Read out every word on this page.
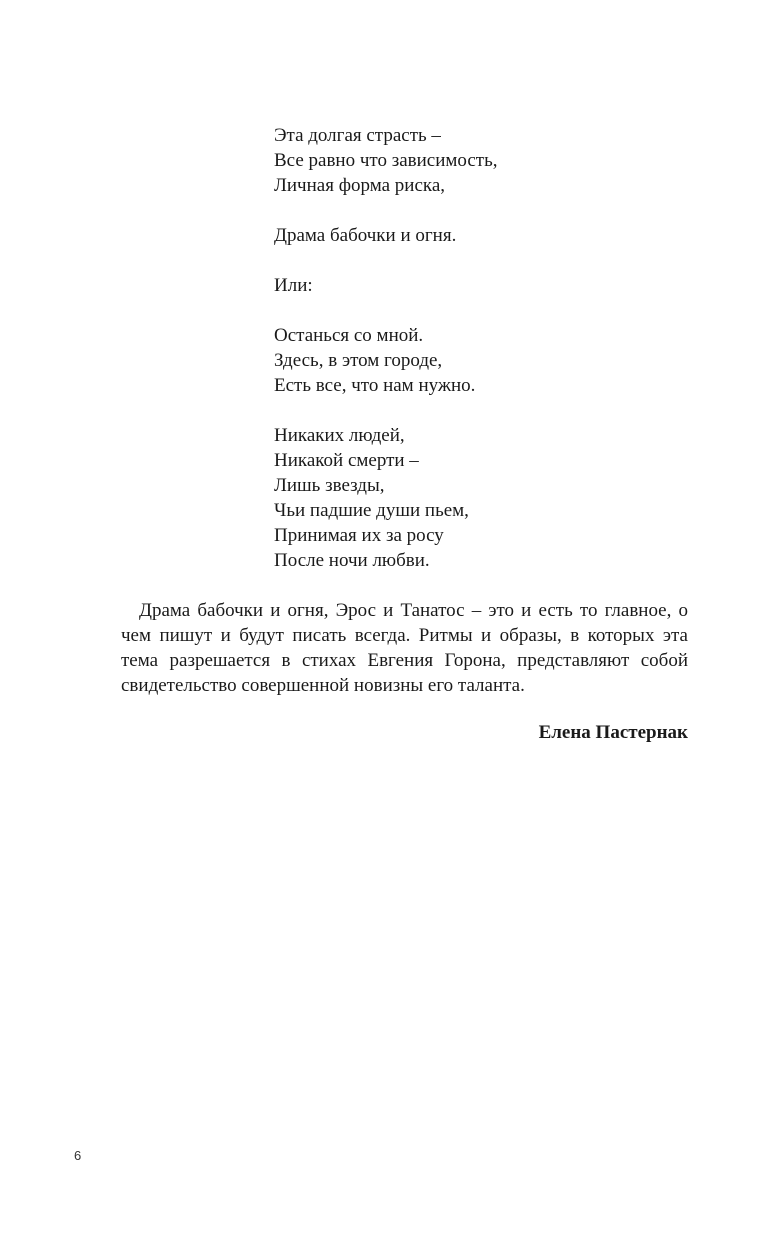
Эта долгая страсть –
Все равно что зависимость,
Личная форма риска,
Драма бабочки и огня.
Или:
Останься со мной.
Здесь, в этом городе,
Есть все, что нам нужно.
Никаких людей,
Никакой смерти –
Лишь звезды,
Чьи падшие души пьем,
Принимая их за росу
После ночи любви.

Драма бабочки и огня, Эрос и Танатос – это и есть то главное, о чем пишут и будут писать всегда. Ритмы и образы, в которых эта тема разрешается в стихах Евгения Горона, представляют собой свидетельство совершенной новизны его таланта.

Елена Пастернак
6
